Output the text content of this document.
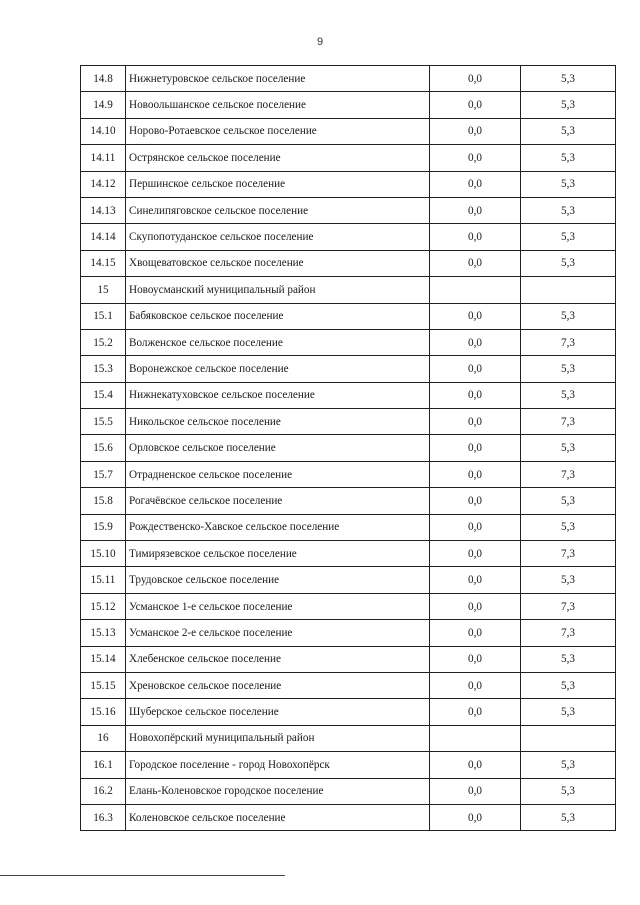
9
14.8	Нижнетуровское сельское поселение	0,0	5,3
14.9	Новоольшанское сельское поселение	0,0	5,3
14.10	Норово-Ротаевское сельское поселение	0,0	5,3
14.11	Острянское сельское поселение	0,0	5,3
14.12	Першинское сельское поселение	0,0	5,3
14.13	Синелипяговское сельское поселение	0,0	5,3
14.14	Скупопотуданское сельское поселение	0,0	5,3
14.15	Хвощеватовское сельское поселение	0,0	5,3
15	Новоусманский муниципальный район		
15.1	Бабяковское сельское поселение	0,0	5,3
15.2	Волженское сельское поселение	0,0	7,3
15.3	Воронежское сельское поселение	0,0	5,3
15.4	Нижнекатуховское сельское поселение	0,0	5,3
15.5	Никольское сельское поселение	0,0	7,3
15.6	Орловское сельское поселение	0,0	5,3
15.7	Отрадненское сельское поселение	0,0	7,3
15.8	Рогачёвское сельское поселение	0,0	5,3
15.9	Рождественско-Хавское сельское поселение	0,0	5,3
15.10	Тимирязевское сельское поселение	0,0	7,3
15.11	Трудовское сельское поселение	0,0	5,3
15.12	Усманское 1-е сельское поселение	0,0	7,3
15.13	Усманское 2-е сельское поселение	0,0	7,3
15.14	Хлебенское сельское поселение	0,0	5,3
15.15	Хреновское сельское поселение	0,0	5,3
15.16	Шуберское сельское поселение	0,0	5,3
16	Новохопёрский муниципальный район		
16.1	Городское поселение - город Новохопёрск	0,0	5,3
16.2	Елань-Коленовское городское поселение	0,0	5,3
16.3	Коленовское сельское поселение	0,0	5,3
